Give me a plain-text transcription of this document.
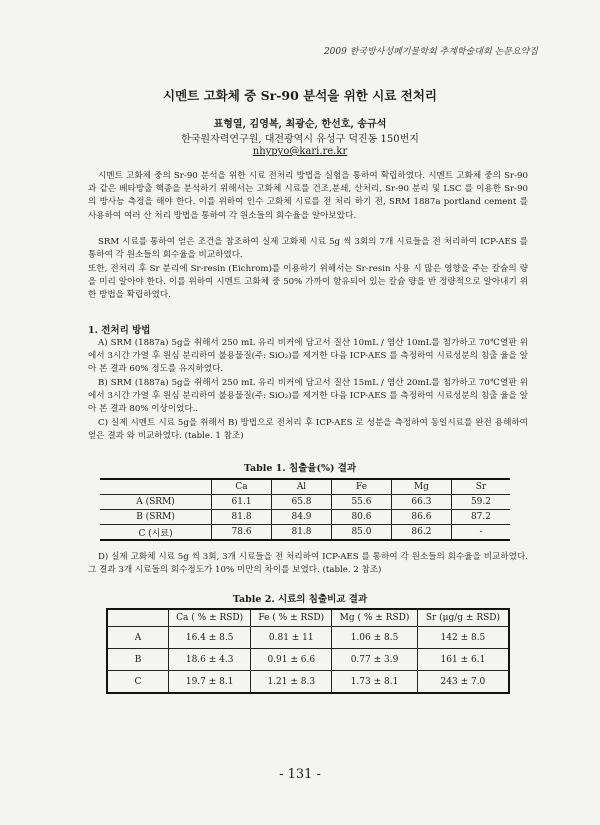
2009 한국방사성폐기물학회 추계학술대회 논문요약집
시멘트 고화체 중 Sr-90 분석을 위한 시료 전처리
표형열, 김영복, 최광순, 한선호, 송규석
한국원자력연구원, 대전광역시 유성구 덕진동 150번지
nhypyo@kari.re.kr

시멘트 고화체 중의 Sr-90 분석을 위한 시료 전처리 방법을 실험을 통하여 확립하였다. 시멘트 고화체 중의 Sr-90 과 같은 베타방출 핵종을 분석하기 위해서는 고화체 시료를 건조,분쇄, 산처리, Sr-90 분리 및 LSC 를 이용한 Sr-90의 방사능 측정을 해야 한다. 이를 위하여 인수 고화체 시료를 전 처리 하기 전, SRM 1887a portland cement 를 사용하여 여러 산 처리 방법을 통하여 각 원소들의 회수율을 알아보았다.

SRM 시료를 통하여 얻은 조건을 참조하여 실제 고화체 시료 5g 씩 3회의 7개 시료들을 전 처리하여 ICP-AES 를 통하여 각 원소들의 회수율을 비교하였다.

또한, 전처리 후 Sr 분리에 Sr-resin (Eichrom)를 이용하기 위해서는 Sr-resin 사용 시 많은 영향을 주는 칼슘의 량을 미리 알아야 한다. 이를 위하여 시멘트 고화체 중 50% 가까이 함유되어 있는 칼슘 량을 반 정량적으로 알아내기 위한 방법을 확립하였다.

1. 전처리 방법

A) SRM (1887a) 5g을 취해서 250 mL 유리 비커에 담고서 질산 10mL / 염산 10mL를 첨가하고 70℃열판 위에서 3시간 가열 후 원심 분리하여 불용물질(주: SiO₂)를 제거한 다음 ICP-AES 를 측정하여 시료성분의 침출 율을 알아 본 결과 60% 정도를 유지하였다.

B) SRM (1887a) 5g을 취해서 250 mL 유리 비커에 담고서 질산 15mL / 염산 20mL를 첨가하고 70℃열판 위에서 3시간 가열 후 원심 분리하여 불용물질(주: SiO₂)를 제거한 다음 ICP-AES 를 측정하여 시료성분의 침출 율을 알아 본 결과 80% 이상이었다..

C) 실제 시멘트 시료 5g을 취해서 B) 방법으로 전처리 후 ICP-AES 로 성분을 측정하여 동일시료를 완전 용해하여 얻은 결과 와 비교하였다. (table. 1 참조)

Table 1. 침출율(%) 결과
	Ca	Al	Fe	Mg	Sr
A (SRM)	61.1	65.8	55.6	66.3	59.2
B (SRM)	81.8	84.9	80.6	86.6	87.2
C (시료)	78.6	81.8	85.0	86.2	-

D) 실제 고화체 시료 5g 씩 3회, 3개 시료들을 전 처리하여 ICP-AES 를 통하여 각 원소들의 회수율을 비교하였다. 그 결과 3개 시료들의 회수정도가 10% 미만의 차이를 보였다. (table. 2 참조)

Table 2. 시료의 침출비교 결과
	Ca ( % ± RSD)	Fe ( % ± RSD)	Mg ( % ± RSD)	Sr (μg/g ± RSD)
A	16.4 ± 8.5	0.81 ± 11	1.06 ± 8.5	142 ± 8.5
B	18.6 ± 4.3	0.91 ± 6.6	0.77 ± 3.9	161 ± 6.1
C	19.7 ± 8.1	1.21 ± 8.3	1.73 ± 8.1	243 ± 7.0
- 131 -
